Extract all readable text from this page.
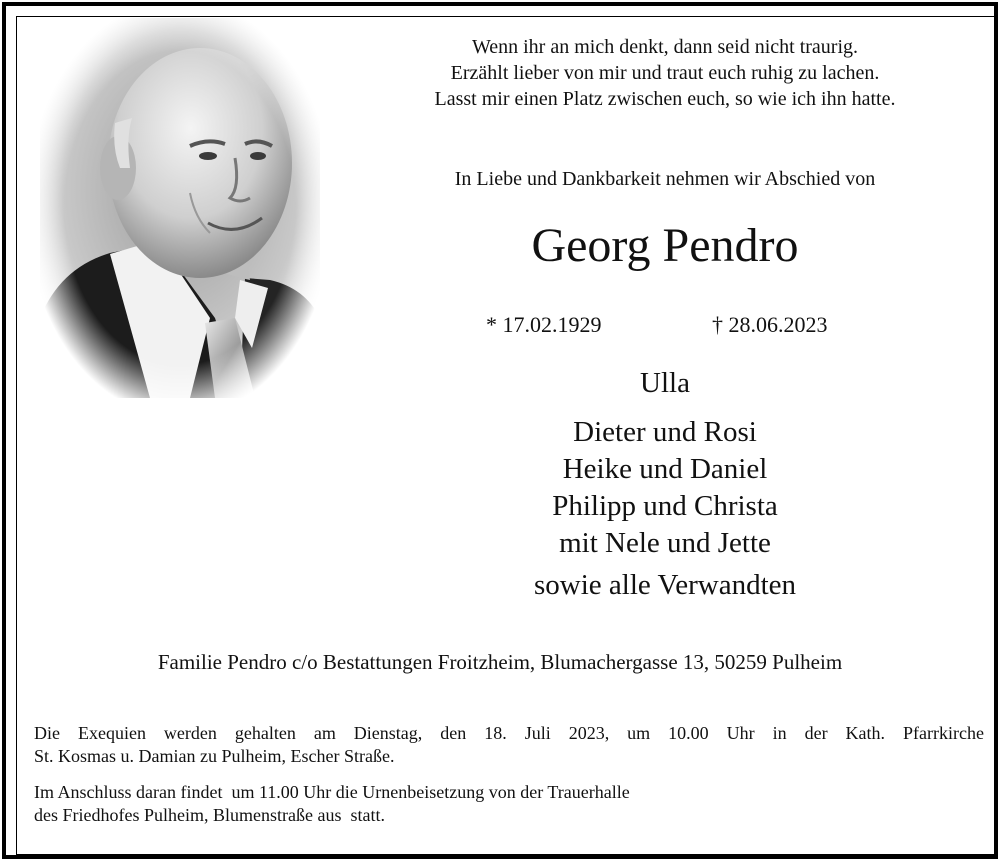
Wenn ihr an mich denkt, dann seid nicht traurig.
Erzählt lieber von mir und traut euch ruhig zu lachen.
Lasst mir einen Platz zwischen euch, so wie ich ihn hatte.
In Liebe und Dankbarkeit nehmen wir Abschied von
Georg Pendro
* 17.02.1929	† 28.06.2023
Ulla
Dieter und Rosi
Heike und Daniel
Philipp und Christa
mit Nele und Jette
sowie alle Verwandten
Familie Pendro c/o Bestattungen Froitzheim, Blumachergasse 13, 50259 Pulheim
Die Exequien werden gehalten am Dienstag, den 18. Juli 2023, um 10.00 Uhr in der Kath. Pfarrkirche
St. Kosmas u. Damian zu Pulheim, Escher Straße.
Im Anschluss daran findet  um 11.00 Uhr die Urnenbeisetzung von der Trauerhalle
des Friedhofes Pulheim, Blumenstraße aus  statt.
